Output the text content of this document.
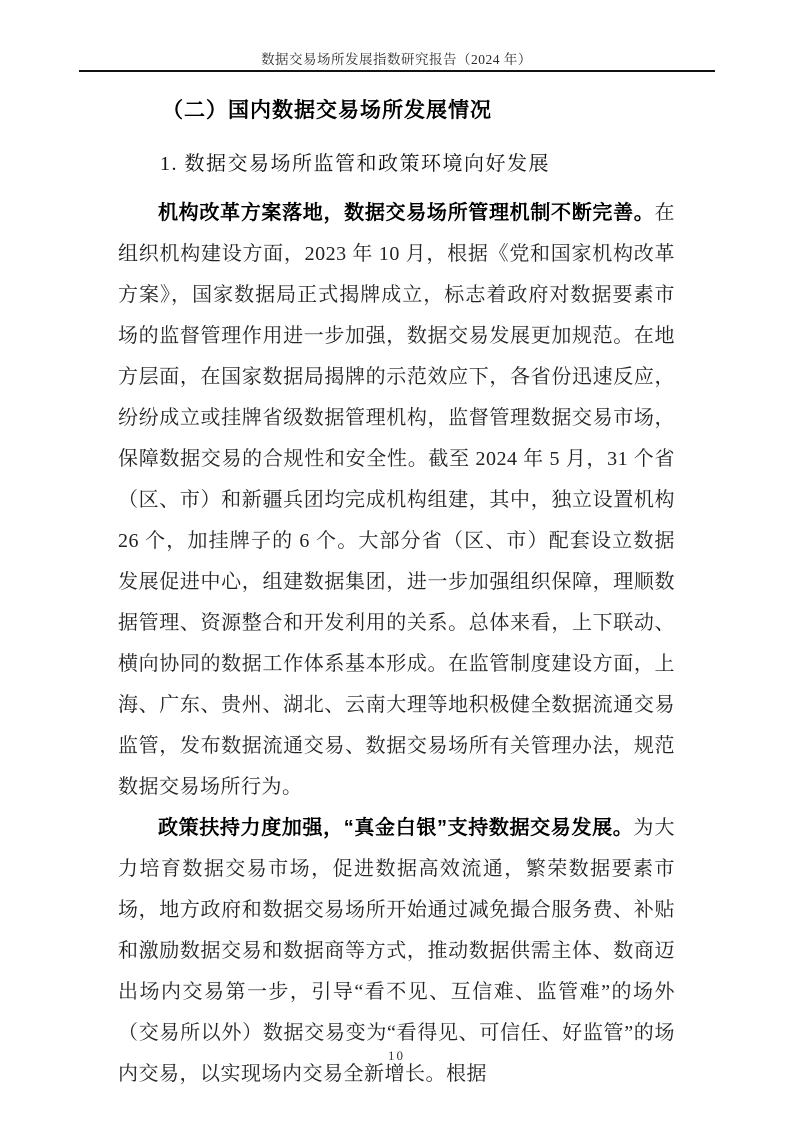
数据交易场所发展指数研究报告（2024 年）
（二）国内数据交易场所发展情况
1. 数据交易场所监管和政策环境向好发展

机构改革方案落地，数据交易场所管理机制不断完善。在组织机构建设方面，2023 年 10 月，根据《党和国家机构改革方案》，国家数据局正式揭牌成立，标志着政府对数据要素市场的监督管理作用进一步加强，数据交易发展更加规范。在地方层面，在国家数据局揭牌的示范效应下，各省份迅速反应，纷纷成立或挂牌省级数据管理机构，监督管理数据交易市场，保障数据交易的合规性和安全性。截至 2024 年 5 月，31 个省（区、市）和新疆兵团均完成机构组建，其中，独立设置机构 26 个，加挂牌子的 6 个。大部分省（区、市）配套设立数据发展促进中心，组建数据集团，进一步加强组织保障，理顺数据管理、资源整合和开发利用的关系。总体来看，上下联动、横向协同的数据工作体系基本形成。在监管制度建设方面，上海、广东、贵州、湖北、云南大理等地积极健全数据流通交易监管，发布数据流通交易、数据交易场所有关管理办法，规范数据交易场所行为。

政策扶持力度加强，“真金白银”支持数据交易发展。为大力培育数据交易市场，促进数据高效流通，繁荣数据要素市场，地方政府和数据交易场所开始通过减免撮合服务费、补贴和激励数据交易和数据商等方式，推动数据供需主体、数商迈出场内交易第一步，引导“看不见、互信难、监管难”的场外（交易所以外）数据交易变为“看得见、可信任、好监管”的场内交易，以实现场内交易全新增长。根据

10
